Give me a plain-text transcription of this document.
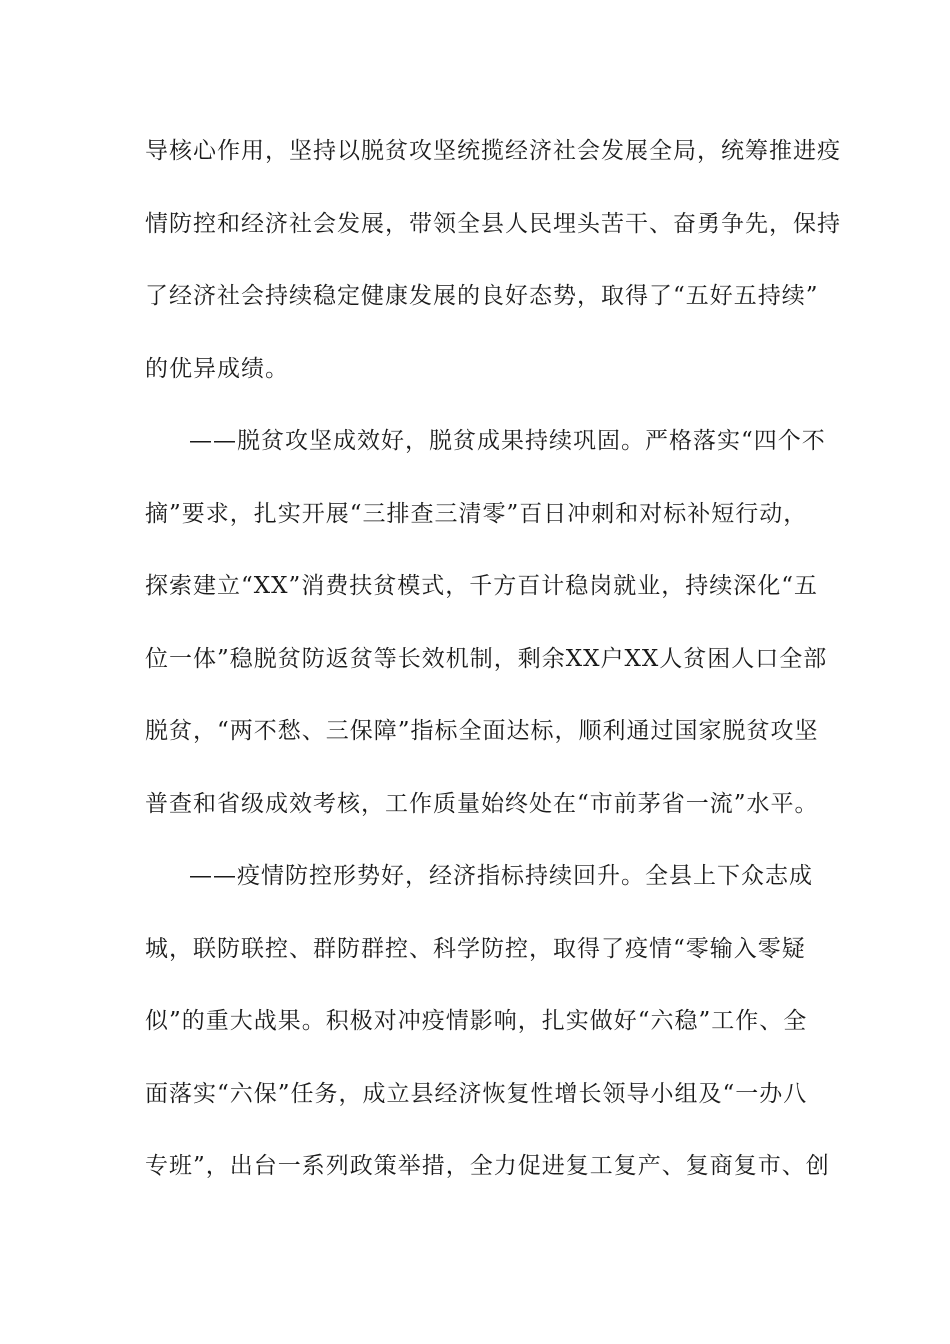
导核心作用，坚持以脱贫攻坚统揽经济社会发展全局，统筹推进疫
情防控和经济社会发展，带领全县人民埋头苦干、奋勇争先，保持
了经济社会持续稳定健康发展的良好态势，取得了“五好五持续”
的优异成绩。
——脱贫攻坚成效好，脱贫成果持续巩固。严格落实“四个不
摘”要求，扎实开展“三排查三清零”百日冲刺和对标补短行动，
探索建立“XX”消费扶贫模式，千方百计稳岗就业，持续深化“五
位一体”稳脱贫防返贫等长效机制，剩余XX户XX人贫困人口全部
脱贫，“两不愁、三保障”指标全面达标，顺利通过国家脱贫攻坚
普查和省级成效考核，工作质量始终处在“市前茅省一流”水平。
——疫情防控形势好，经济指标持续回升。全县上下众志成
城，联防联控、群防群控、科学防控，取得了疫情“零输入零疑
似”的重大战果。积极对冲疫情影响，扎实做好“六稳”工作、全
面落实“六保”任务，成立县经济恢复性增长领导小组及“一办八
专班”，出台一系列政策举措，全力促进复工复产、复商复市、创
